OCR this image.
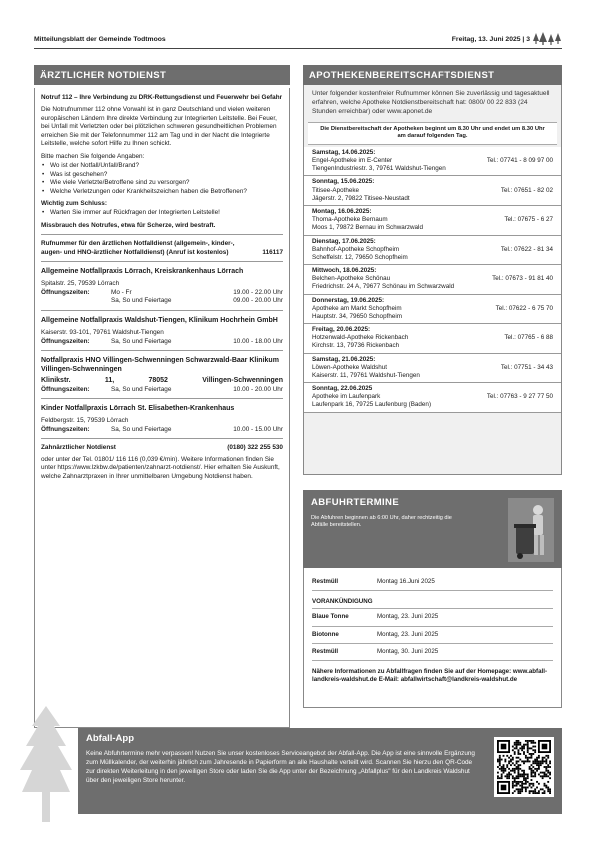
Mitteilungsblatt der Gemeinde Todtmoos	Freitag, 13. Juni 2025 | 3
ÄRZTLICHER NOTDIENST

Notruf 112 – Ihre Verbindung zu DRK-Rettungsdienst und Feuerwehr bei Gefahr

Die Notrufnummer 112 ohne Vorwahl ist in ganz Deutschland und vielen weiteren europäischen Ländern Ihre direkte Verbindung zur Integrierten Leitstelle. Bei Feuer, bei Unfall mit Verletzten oder bei plötzlichen schweren gesundheitlichen Problemen erreichen Sie mit der Telefonnummer 112 am Tag und in der Nacht die Integrierte Leitstelle, welche sofort Hilfe zu Ihnen schickt.

Bitte machen Sie folgende Angaben:

• Wo ist der Notfall/Unfall/Brand?
• Was ist geschehen?
• Wie viele Verletzte/Betroffene sind zu versorgen?
• Welche Verletzungen oder Krankheitszeichen haben die Betroffenen?

Wichtig zum Schluss:

• Warten Sie immer auf Rückfragen der Integrierten Leitstelle!

Missbrauch des Notrufes, etwa für Scherze, wird bestraft.

Rufnummer für den ärztlichen Notfalldienst (allgemein-, kinder-, augen- und HNO-ärztlicher Notfalldienst) (Anruf ist kostenlos)	116117

Allgemeine Notfallpraxis Lörrach, Kreiskrankenhaus Lörrach

Spitalstr. 25, 79539 Lörrach

Öffnungszeiten:	Mo - Fr	19.00 - 22.00 Uhr
Sa, So und Feiertage	09.00 - 20.00 Uhr

Allgemeine Notfallpraxis Waldshut-Tiengen, Klinikum Hochrhein GmbH

Kaiserstr. 93-101, 79761 Waldshut-Tiengen

Öffnungszeiten:	Sa, So und Feiertage	10.00 - 18.00 Uhr

Notfallpraxis HNO Villingen-Schwenningen Schwarzwald-Baar Klinikum Villingen-Schwenningen

Klinikstr.	11,	78052	Villingen-Schwenningen
Öffnungszeiten:	Sa, So und Feiertage	10.00 - 20.00 Uhr

Kinder Notfallpraxis Lörrach St. Elisabethen-Krankenhaus

Feldbergstr. 15, 79539 Lörrach

Öffnungszeiten:	Sa, So und Feiertage	10.00 - 15.00 Uhr
Zahnärztlicher Notdienst	(0180) 322 255 530

oder unter der Tel. 01801/ 116 116 (0,039 €/min). Weitere Informationen finden Sie unter https://www.lzkbw.de/patienten/zahnarzt-notdienst/. Hier erhalten Sie Auskunft, welche Zahnarztpraxen in Ihrer unmittelbaren Umgebung Notdienst haben.

APOTHEKENBEREITSCHAFTSDIENST

Unter folgender kostenfreier Rufnummer können Sie zuverlässig und tagesaktuell erfahren, welche Apotheke Notdienstbereitschaft hat: 0800/ 00 22 833 (24 Stunden erreichbar) oder www.aponet.de

Die Dienstbereitschaft der Apotheken beginnt um 8.30 Uhr und endet um 8.30 Uhr am darauf folgenden Tag.

Samstag, 14.06.2025:
Engel-Apotheke im E-Center	Tel.: 07741 - 8 09 97 00
TiengenIndustriestr. 3, 79761 Waldshut-Tiengen
Sonntag, 15.06.2025:
Titisee-Apotheke	Tel.: 07651 - 82 02
Jägerstr. 2, 79822 Titisee-Neustadt
Montag, 16.06.2025:
Thoma-Apotheke Bernaum	Tel.: 07675 - 6 27
Moos 1, 79872 Bernau im Schwarzwald
Dienstag, 17.06.2025:
Bahnhof-Apotheke Schopfheim	Tel.: 07622 - 81 34
Scheffelstr. 12, 79650 Schopfheim
Mittwoch, 18.06.2025:
Belchen-Apotheke Schönau	Tel.: 07673 - 91 81 40
Friedrichstr. 24 A, 79677 Schönau im Schwarzwald
Donnerstag, 19.06.2025:
Apotheke am Markt Schopfheim	Tel.: 07622 - 6 75 70
Hauptstr. 34, 79650 Schopfheim
Freitag, 20.06.2025:
Hotzenwald-Apotheke Rickenbach	Tel.: 07765 - 6 88
Kirchstr. 13, 79736 Rickenbach
Samstag, 21.06.2025:
Löwen-Apotheke Waldshut	Tel.: 07751 - 34 43
Kaiserstr. 11, 79761 Waldshut-Tiengen
Sonntag, 22.06.2025
Apotheke im Laufenpark	Tel.: 07763 - 9 27 77 50
Laufenpark 16, 79725 Laufenburg (Baden)
ABFUHRTERMINE
Die Abfuhren beginnen ab 6:00 Uhr, daher rechtzeitig die Abfälle bereitstellen.
Restmüll	Montag 16.Juni 2025
VORANKÜNDIGUNG
Blaue Tonne	Montag, 23. Juni 2025
Biotonne	Montag, 23. Juni 2025
Restmüll	Montag, 30. Juni 2025

Nähere Informationen zu Abfallfragen finden Sie auf der Homepage: www.abfall-landkreis-waldshut.de E-Mail: abfallwirtschaft@landkreis-waldshut.de

Abfall-App
Keine Abfuhrtermine mehr verpassen! Nutzen Sie unser kostenloses Serviceangebot der Abfall-App. Die App ist eine sinnvolle Ergänzung zum Müllkalender, der weiterhin jährlich zum Jahresende in Papierform an alle Haushalte verteilt wird. Scannen Sie hierzu den QR-Code zur direkten Weiterleitung in den jeweiligen Store oder laden Sie die App unter der Bezeichnung „Abfallplus" für den Landkreis Waldshut über den jeweiligen Store herunter.
